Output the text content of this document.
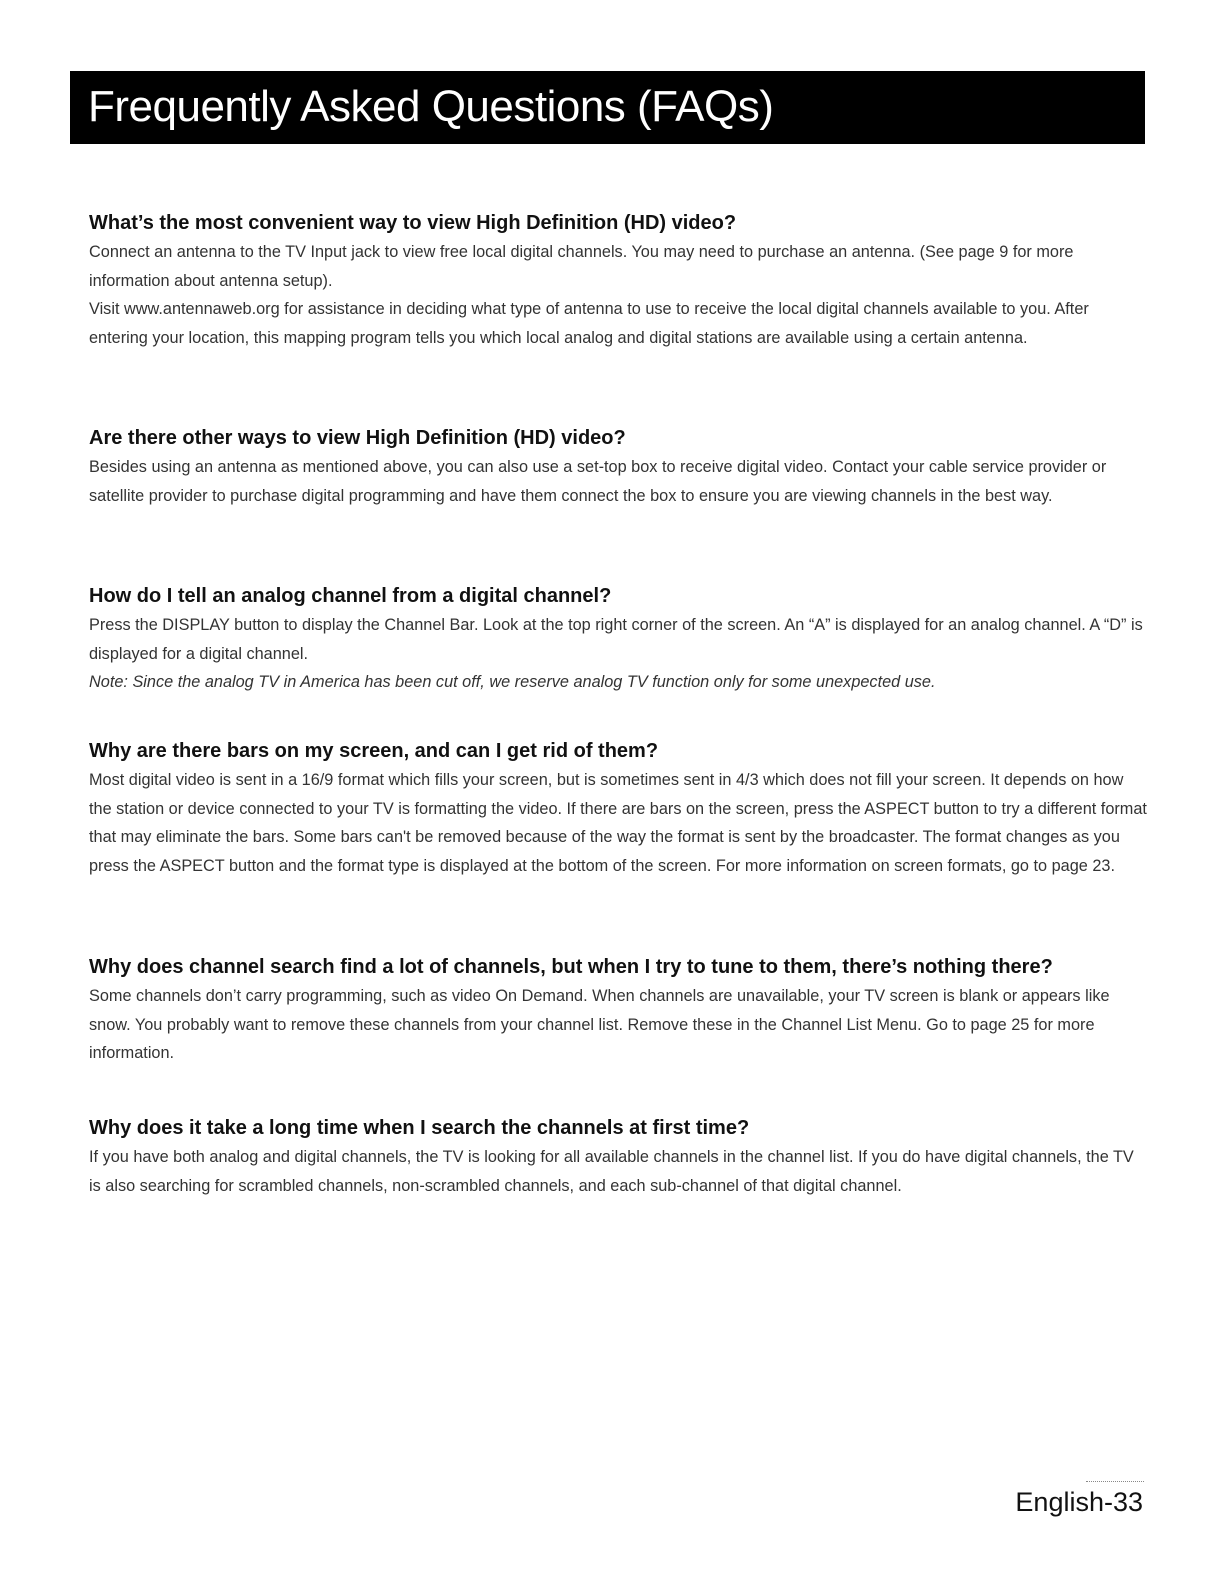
Frequently Asked Questions (FAQs)
What’s the most convenient way to view High Definition (HD) video?

Connect an antenna to the TV Input jack to view free local digital channels. You may need to purchase an antenna. (See page 9 for more information about antenna setup).

Visit www.antennaweb.org for assistance in deciding what type of antenna to use to receive the local digital channels available to you. After entering your location, this mapping program tells you which local analog and digital stations are available using a certain antenna.

Are there other ways to view High Definition (HD) video?

Besides using an antenna as mentioned above, you can also use a set-top box to receive digital video. Contact your cable service provider or satellite provider to purchase digital programming and have them connect the box to ensure you are viewing channels in the best way.

How do I tell an analog channel from a digital channel?

Press the DISPLAY button to display the Channel Bar. Look at the top right corner of the screen. An “A” is displayed for an analog channel. A “D” is displayed for a digital channel.

Note: Since the analog TV in America has been cut off, we reserve analog TV function only for some unexpected use.

Why are there bars on my screen, and can I get rid of them?

Most digital video is sent in a 16/9 format which fills your screen, but is sometimes sent in 4/3 which does not fill your screen. It depends on how the station or device connected to your TV is formatting the video. If there are bars on the screen, press the ASPECT button to try a different format that may eliminate the bars. Some bars can't be removed because of the way the format is sent by the broadcaster. The format changes as you press the ASPECT button and the format type is displayed at the bottom of the screen. For more information on screen formats, go to page 23.

Why does channel search find a lot of channels, but when I try to tune to them, there’s nothing there?

Some channels don’t carry programming, such as video On Demand. When channels are unavailable, your TV screen is blank or appears like snow. You probably want to remove these channels from your channel list. Remove these in the Channel List Menu. Go to page 25 for more information.

Why does it take a long time when I search the channels at first time?

If you have both analog and digital channels, the TV is looking for all available channels in the channel list. If you do have digital channels, the TV is also searching for scrambled channels, non-scrambled channels, and each sub-channel of that digital channel.

English-33
